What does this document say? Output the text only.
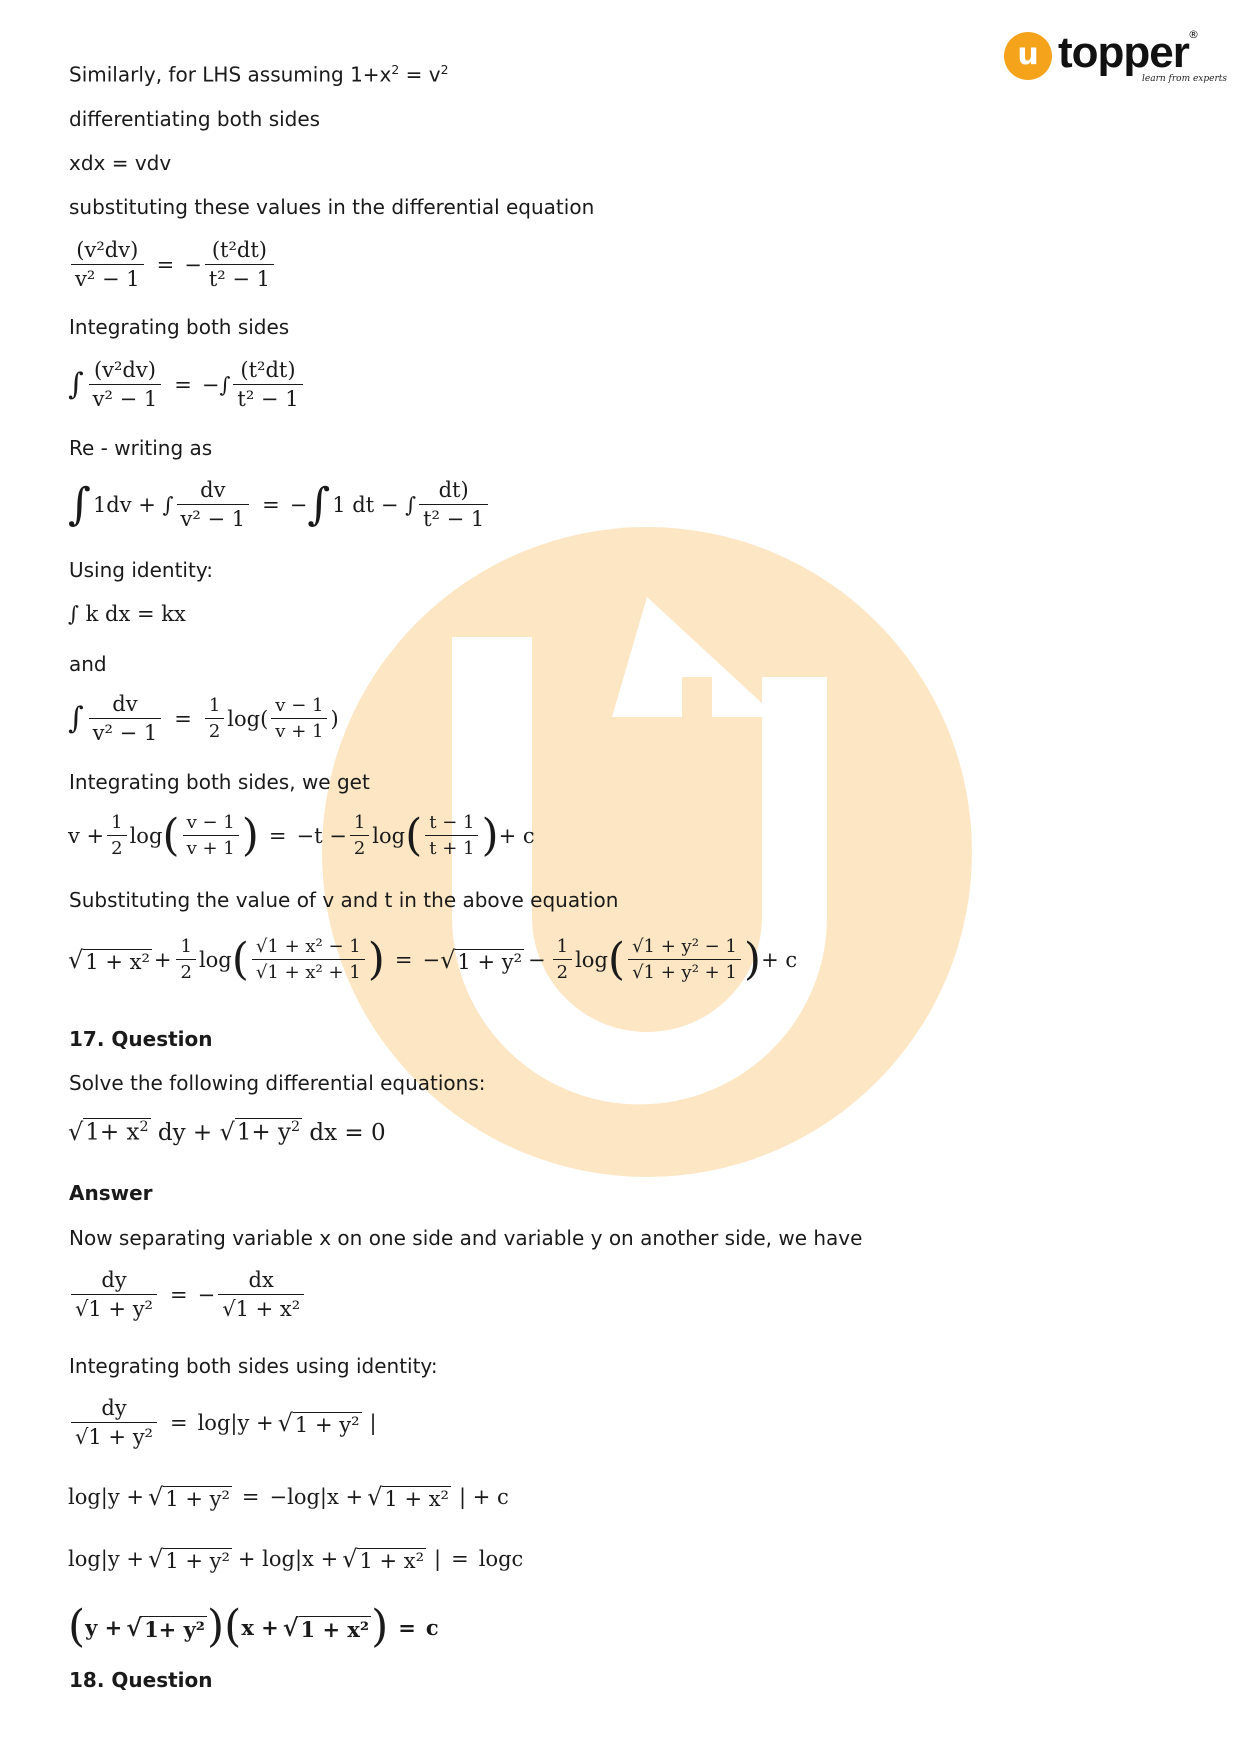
u topper ®
learn from experts
Similarly, for LHS assuming $1+x^2 = v^2$
differentiating both sides
xdx = vdv
substituting these values in the differential equation
$\frac{\text{(v²dv)}}{\text{v² − 1}}$ = − $\frac{\text{(t²dt)}}{\text{t² − 1}}$
Integrating both sides
∫ $\frac{\text{(v²dv)}}{\text{v² − 1}}$ = −∫ $\frac{\text{(t²dt)}}{\text{t² − 1}}$
Re - writing as
∫ 1dv + ∫ $\frac{dv}{\text{v² − 1}}$ = − ∫ 1 dt − ∫ $\frac{dt)}{\text{t² − 1}}$
Using identity:
∫ k dx = kx
and
∫ $\frac{dv}{\text{v² − 1}} = \frac{1}{2} \log( \frac{v - 1}{v + 1}$ )
Integrating both sides, we get
$v + \frac{1}{2}$ log ( $\frac{v - 1}{v + 1}$ ) = $-t - \frac{1}{2}$ log ( $\frac{t - 1}{t + 1}$ ) + c
Substituting the value of v and t in the above equation
√ $1 + x^2 + \frac{1}{2}$ log ( $\frac{\text{√1 + x² − 1}}{\text{√1 + x² + 1}}$ ) = − √ $1 + y^2 - \frac{1}{2}$ log ( $\frac{\text{√1 + y² − 1}}{\text{√1 + y² + 1}}$ ) + c
17. Question
Solve the following differential equations:
√ $1+ x^2$ dy + √ $1+ y^2$ dx = 0
Answer
Now separating variable x on one side and variable y on another side, we have
$\frac{dy}{\text{√1 + y²}}$ = − $\frac{dx}{\text{√1 + x²}}$
Integrating both sides using identity:
$\frac{dy}{\text{√1 + y²}} = \log|y$ + √ 1 + y² |
log|y + √ 1 + y² = −log|x + √ 1 + x² | + c
log|y + √ 1 + y² + log|x + √ 1 + x² | = logc
( y + √ 1+ y² ) ( x + √ 1 + x² ) = c
18. Question
